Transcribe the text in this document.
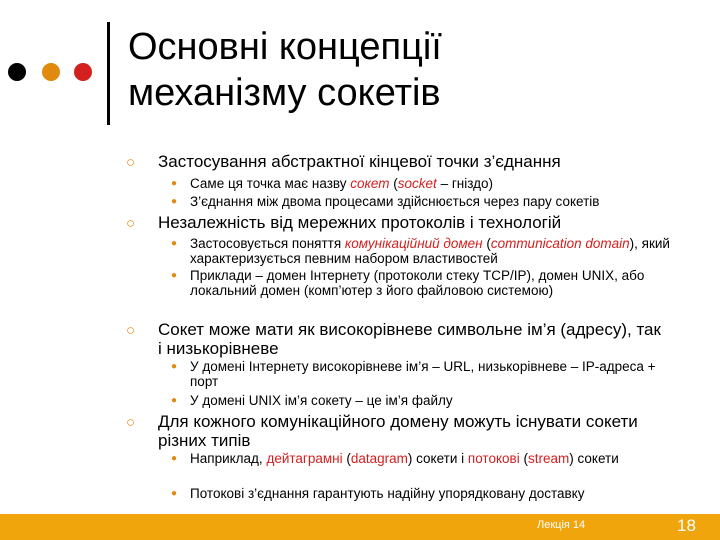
Основні концепції
механізму сокетів
○ Застосування абстрактної кінцевої точки з’єднання
● Саме ця точка має назву сокет (socket – гніздо)
● З’єднання між двома процесами здійснюється через пару сокетів
○ Незалежність від мережних протоколів і технологій
● Застосовується поняття комунікаційний домен (communication domain), який характеризується певним набором властивостей
● Приклади – домен Інтернету (протоколи стеку TCP/IP), домен UNIX, або локальний домен (комп’ютер з його файловою системою)
○ Сокет може мати як високорівневе символьне ім’я (адресу), так і низькорівневе
● У домені Інтернету високорівневе ім’я – URL, низькорівневе – IP-адреса + порт
● У домені UNIX ім’я сокету – це ім’я файлу
○ Для кожного комунікаційного домену можуть існувати сокети різних типів
● Наприклад, дейтаграмні (datagram) сокети і потокові (stream) сокети
● Потокові з’єднання гарантують надійну упорядковану доставку
Лекція 14	18
